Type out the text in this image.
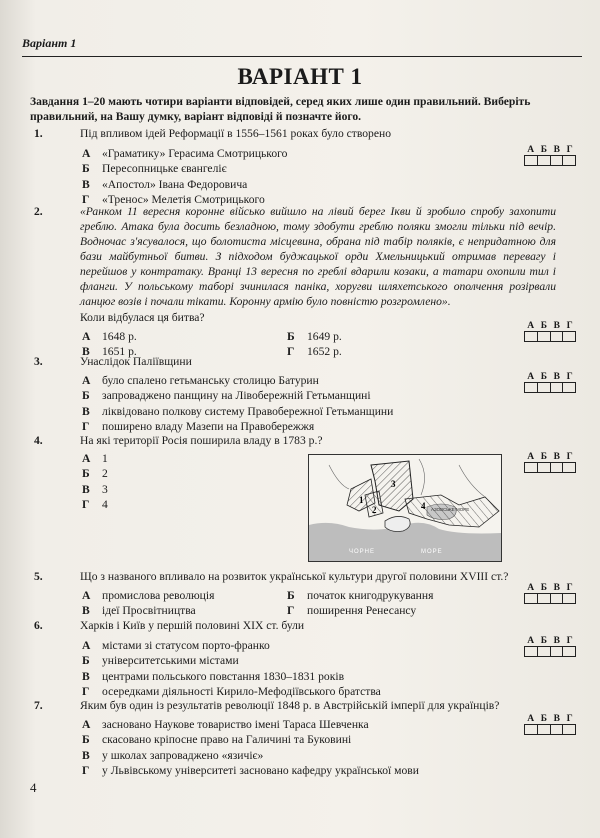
Варіант 1
ВАРІАНТ 1
Завдання 1–20 мають чотири варіанти відповідей, серед яких лише один правильний. Виберіть правильний, на Вашу думку, варіант відповіді й позначте його.
1.	Під впливом ідей Реформації в 1556–1561 роках було створено
А	«Граматику» Герасима Смотрицького
Б	Пересопницьке євангеліє
В	«Апостол» Івана Федоровича
Г	«Тренос» Мелетія Смотрицького
А Б В Г
2.	«Ранком 11 вересня коронне військо вийшло на лівий берег Ікви й зробило спробу захопити греблю. Атака була досить безладною, тому здобути греблю поляки змогли тільки під вечір. Водночас з'ясувалося, що болотиста місцевина, обрана під табір поляків, є непридатною для бази майбутньої битви. З підходом буджацької орди Хмельницький отримав перевагу і перейшов у контратаку. Вранці 13 вересня по греблі вдарили козаки, а татари охопили тил і фланги. У польському таборі зчинилася паніка, хоругви шляхетського ополчення розірвали ланцюг возів і почали тікати. Коронну армію було повністю розгромлено».
Коли відбулася ця битва?
А	1648 р.	Б	1649 р.
В	1651 р.	Г	1652 р.
А Б В Г
3.	Унаслідок Паліївщини
А	було спалено гетьманську столицю Батурин
Б	запроваджено панщину на Лівобережній Гетьманщині
В	ліквідовано полкову систему Правобережної Гетьманщини
Г	поширено владу Мазепи на Правобережжя
А Б В Г
4.	На які території Росія поширила владу в 1783 р.?
А	1
Б	2
В	3
Г	4
А Б В Г
1
2
3
4 АЗОВСЬКЕ МОРЕ
ЧОРНЕ	МОРЕ
5.	Що з названого впливало на розвиток української культури другої половини XVIII ст.?
А	промислова революція	Б	початок книгодрукування
В	ідеї Просвітництва	Г	поширення Ренесансу
А Б В Г
6.	Харків і Київ у першій половині XIX ст. були
А	містами зі статусом порто-франко
Б	університетськими містами
В	центрами польського повстання 1830–1831 років
Г	осередками діяльності Кирило-Мефодіївського братства
А Б В Г
7.	Яким був один із результатів революції 1848 р. в Австрійській імперії для українців?
А	засновано Наукове товариство імені Тараса Шевченка
Б	скасовано кріпосне право на Галичині та Буковині
В	у школах запроваджено «язичіє»
Г	у Львівському університеті засновано кафедру української мови
А Б В Г
4
